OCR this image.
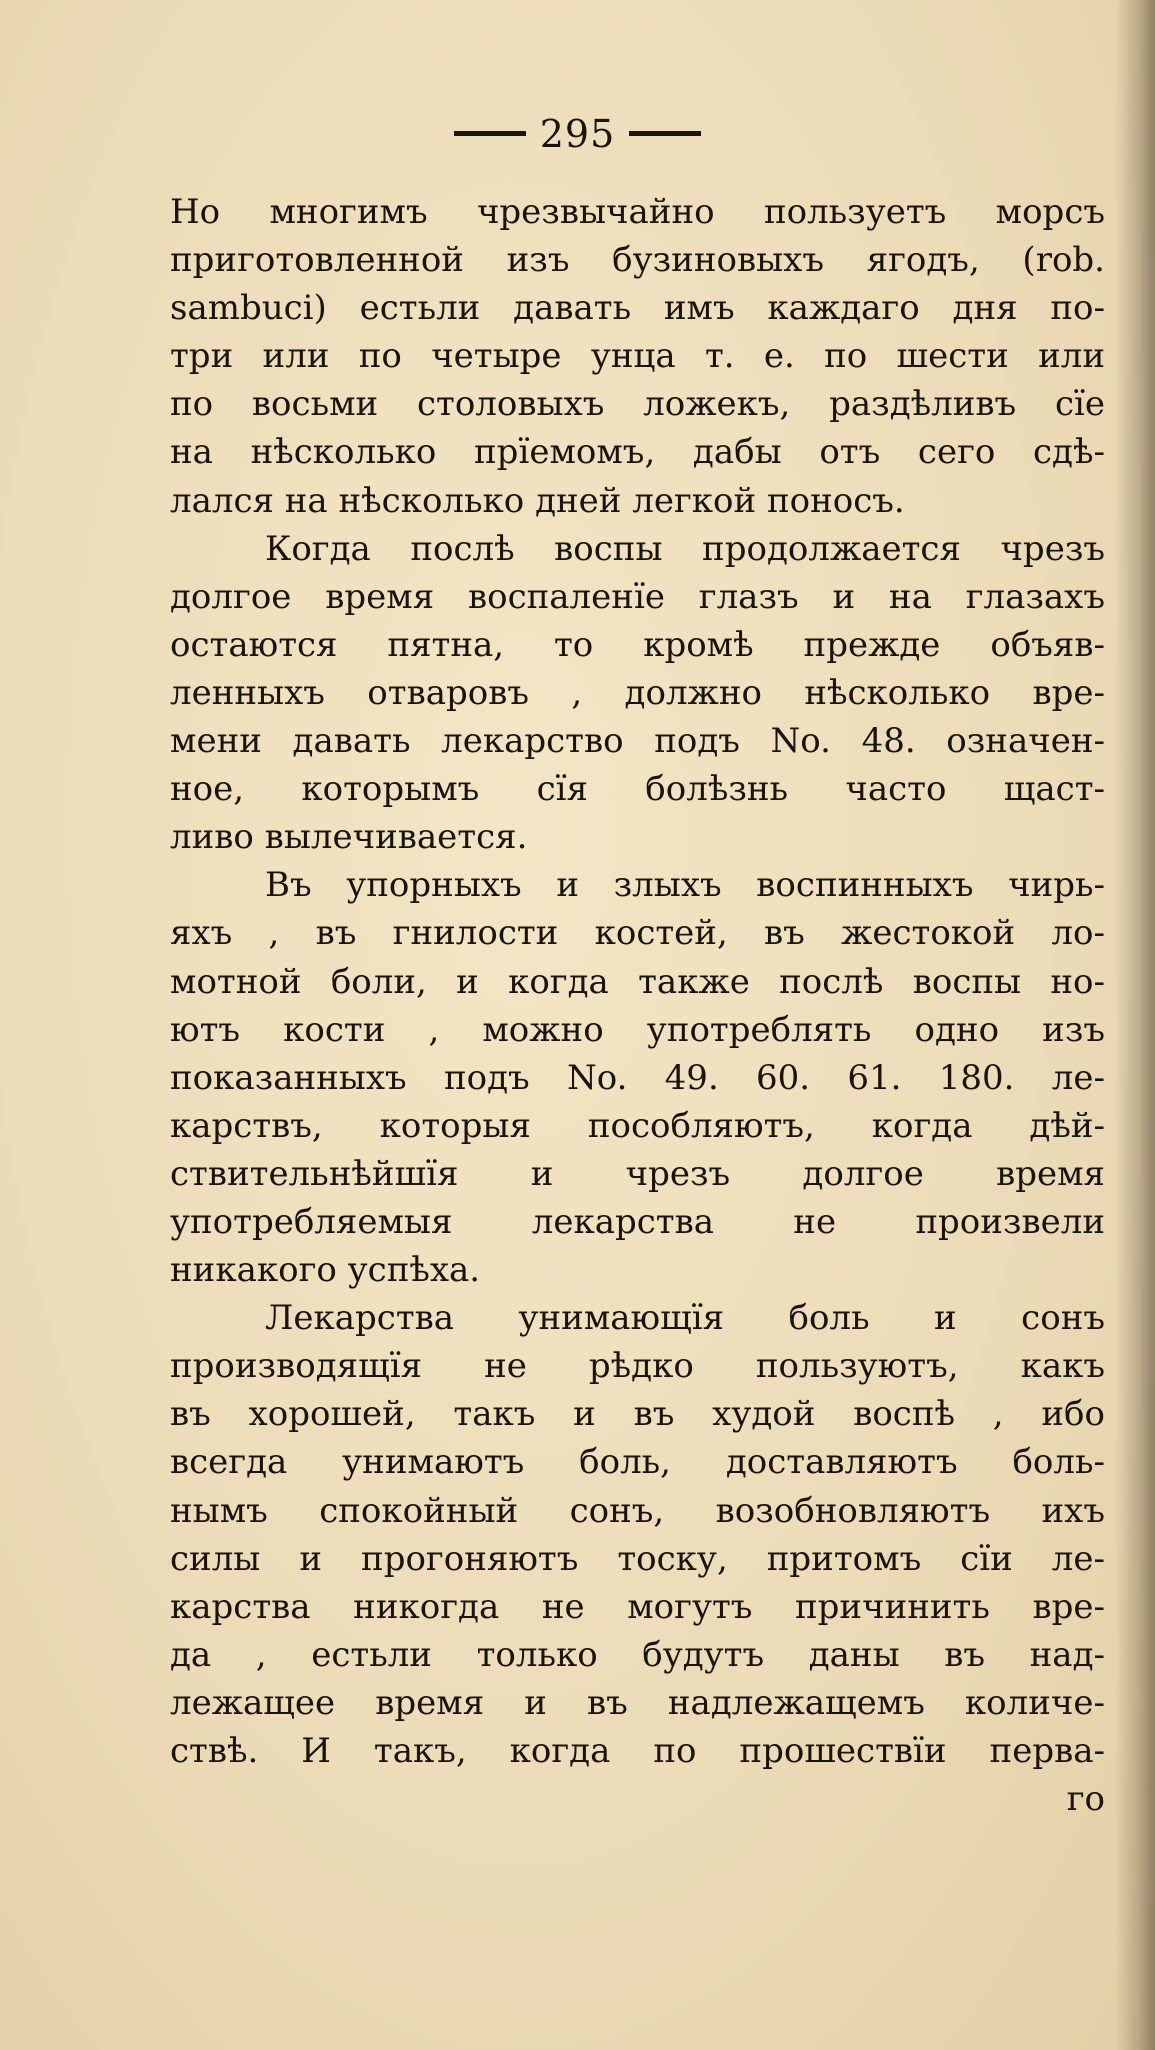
295
Но многимъ чрезвычайно пользуетъ морсъ
приготовленной изъ бузиновыхъ ягодъ, (rob.
sambuci) естьли давать имъ каждаго дня по-
три или по четыре унца т. е. по шести или
по восьми столовыхъ ложекъ, раздѣливъ сїе
на нѣсколько прїемомъ, дабы отъ сего сдѣ-
лался на нѣсколько дней легкой поносъ.
Когда послѣ воспы продолжается чрезъ
долгое время воспаленїе глазъ и на глазахъ
остаются пятна, то кромѣ прежде объяв-
ленныхъ отваровъ , должно нѣсколько вре-
мени давать лекарство подъ No. 48. означен-
ное, которымъ сїя болѣзнь часто щаст-
ливо вылечивается.
Въ упорныхъ и злыхъ воспинныхъ чирь-
яхъ , въ гнилости костей, въ жестокой ло-
мотной боли, и когда также послѣ воспы но-
ютъ кости , можно употреблять одно изъ
показанныхъ подъ No. 49. 60. 61. 180. ле-
карствъ, которыя пособляютъ, когда дѣй-
ствительнѣйшїя и чрезъ долгое время
употребляемыя лекарства не произвели
никакого успѣха.
Лекарства унимающїя боль и сонъ
производящїя не рѣдко пользуютъ, какъ
въ хорошей, такъ и въ худой воспѣ , ибо
всегда унимаютъ боль, доставляютъ боль-
нымъ спокойный сонъ, возобновляютъ ихъ
силы и прогоняютъ тоску, притомъ сїи ле-
карства никогда не могутъ причинить вре-
да , естьли только будутъ даны въ над-
лежащее время и въ надлежащемъ количе-
ствѣ. И такъ, когда по прошествїи перва-
го
